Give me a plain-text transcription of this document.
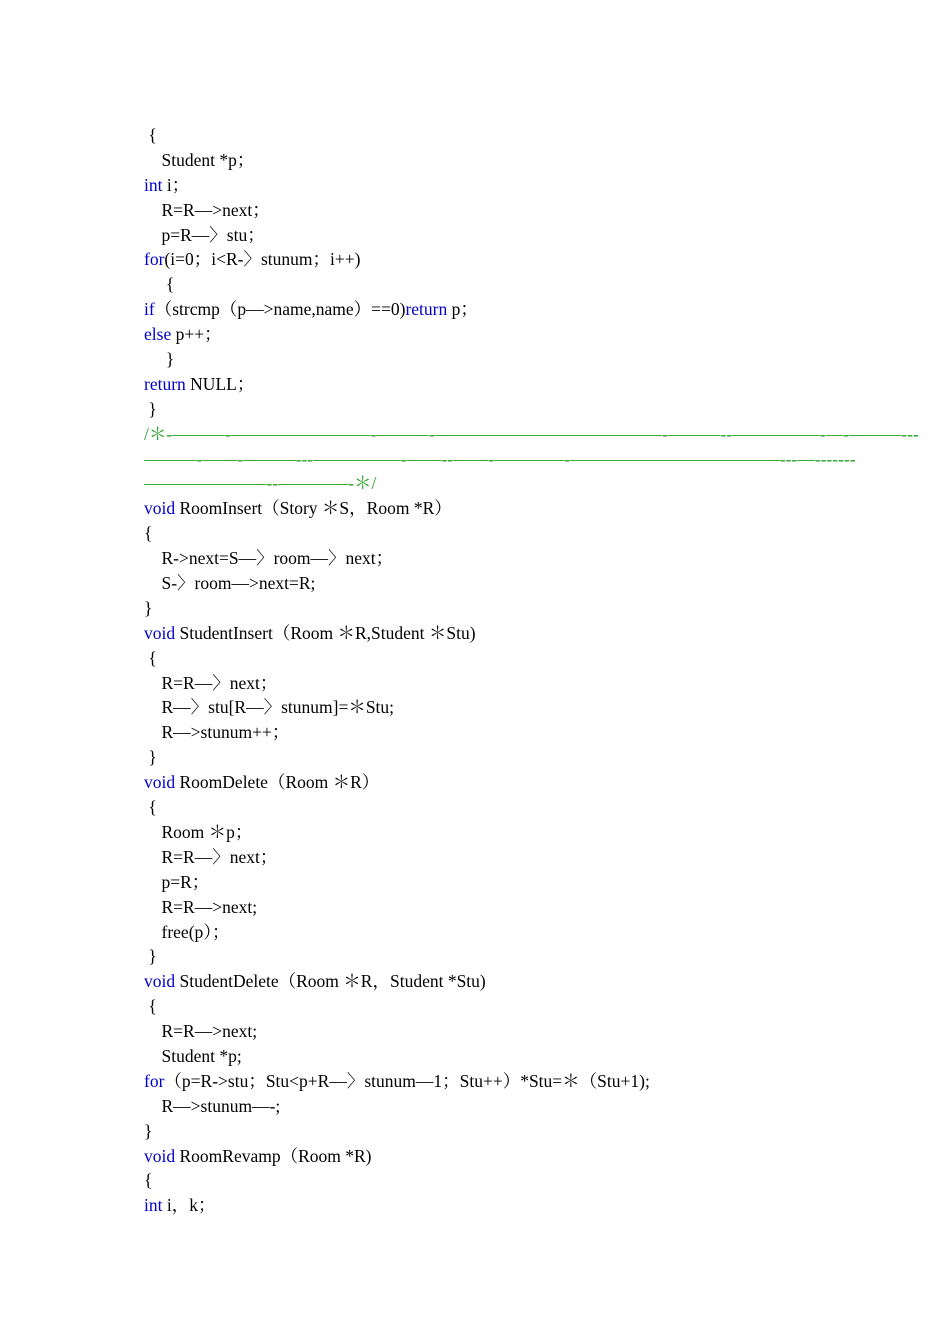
{
Student *p；
int i；
R=R—>next；
p=R—〉stu；
for(i=0；i<R-〉stunum；i++)
{
if（strcmp（p—>name,name）==0)return p；
else p++；
}
return NULL；
}
/＊-———-————————-———-—————————————-———--—————-—-———---
———-——-———---—————-——--——-————-————————————---—-------
———————--————-＊/
void RoomInsert（Story ＊S，Room *R）
{
R->next=S—〉room—〉next；
S-〉room—>next=R;
}
void StudentInsert（Room ＊R,Student ＊Stu)
{
R=R—〉next；
R—〉stu[R—〉stunum]=＊Stu;
R—>stunum++；
}
void RoomDelete（Room ＊R）
{
Room ＊p；
R=R—〉next；
p=R；
R=R—>next;
free(p）；
}
void StudentDelete（Room ＊R，Student *Stu)
{
R=R—>next;
Student *p;
for（p=R->stu；Stu<p+R—〉stunum—1；Stu++）*Stu=＊（Stu+1);
R—>stunum—-;
}
void RoomRevamp（Room *R)
{
int i，k；
